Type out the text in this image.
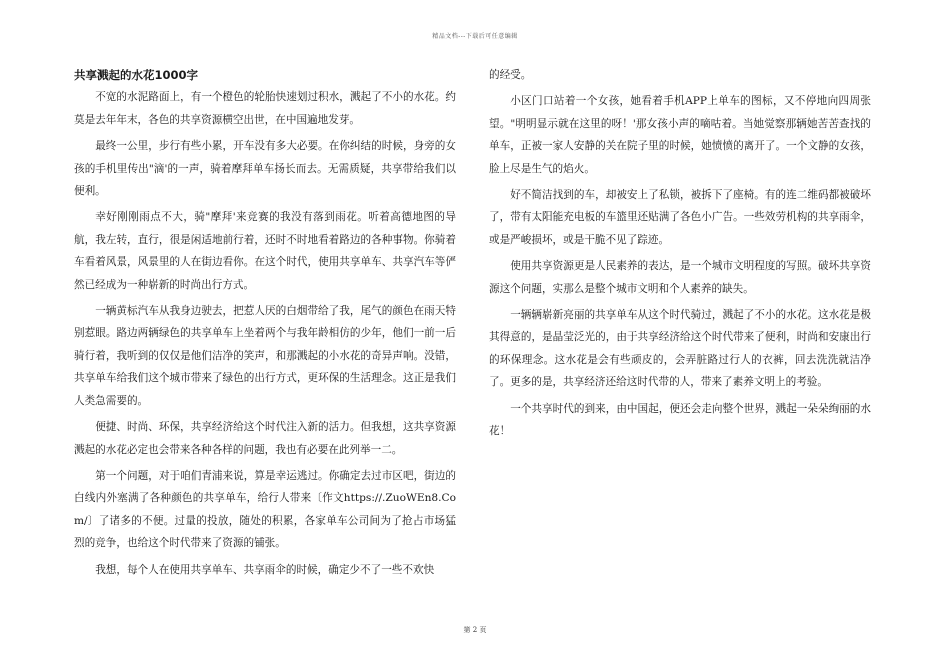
精品文档---下载后可任意编辑
共享溅起的水花1000字

不宽的水泥路面上，有一个橙色的轮胎快速划过积水，溅起了不小的水花。约莫是去年年末，各色的共享资源横空出世，在中国遍地发芽。

最终一公里，步行有些小累，开车没有多大必要。在你纠结的时候，身旁的女孩的手机里传出"滴'的一声，骑着摩拜单车扬长而去。无需质疑，共享带给我们以便利。

幸好刚刚雨点不大，骑"摩拜'来竞赛的我没有落到雨花。听着高德地图的导航，我左转，直行，很是闲适地前行着，还时不时地看着路边的各种事物。你骑着车看着风景，风景里的人在街边看你。在这个时代，使用共享单车、共享汽车等俨然已经成为一种崭新的时尚出行方式。

一辆黄标汽车从我身边驶去，把惹人厌的白烟带给了我，尾气的颜色在雨天特别惹眼。路边两辆绿色的共享单车上坐着两个与我年龄相仿的少年，他们一前一后骑行着，我听到的仅仅是他们洁净的笑声，和那溅起的小水花的奇异声响。没错，共享单车给我们这个城市带来了绿色的出行方式，更环保的生活理念。这正是我们人类急需要的。

便捷、时尚、环保，共享经济给这个时代注入新的活力。但我想，这共享资源溅起的水花必定也会带来各种各样的问题，我也有必要在此列举一二。

第一个问题，对于咱们青浦来说，算是幸运逃过。你确定去过市区吧，街边的白线内外塞满了各种颜色的共享单车，给行人带来〔作文https://.ZuoWEn8.Com/〕了诸多的不便。过量的投放，随处的积累，各家单车公司间为了抢占市场猛烈的竞争，也给这个时代带来了资源的铺张。

我想，每个人在使用共享单车、共享雨伞的时候，确定少不了一些不欢快

的经受。

小区门口站着一个女孩，她看着手机APP上单车的图标，又不停地向四周张望。"明明显示就在这里的呀！'那女孩小声的嘀咕着。当她觉察那辆她苦苦查找的单车，正被一家人安静的关在院子里的时候，她愤愤的离开了。一个文静的女孩，脸上尽是生气的焰火。

好不简洁找到的车，却被安上了私锁，被拆下了座椅。有的连二维码都被破坏了，带有太阳能充电板的车篮里还贴满了各色小广告。一些效劳机构的共享雨伞，或是严峻损坏，或是干脆不见了踪迹。

使用共享资源更是人民素养的表达，是一个城市文明程度的写照。破坏共享资源这个问题，实那么是整个城市文明和个人素养的缺失。

一辆辆崭新亮丽的共享单车从这个时代骑过，溅起了不小的水花。这水花是极其得意的，是晶莹泛光的，由于共享经济给这个时代带来了便利，时尚和安康出行的环保理念。这水花是会有些顽皮的，会弄脏路过行人的衣裤，回去洗洗就洁净了。更多的是，共享经济还给这时代带的人，带来了素养文明上的考验。

一个共享时代的到来，由中国起，便还会走向整个世界，溅起一朵朵绚丽的水花！

第 2 页
